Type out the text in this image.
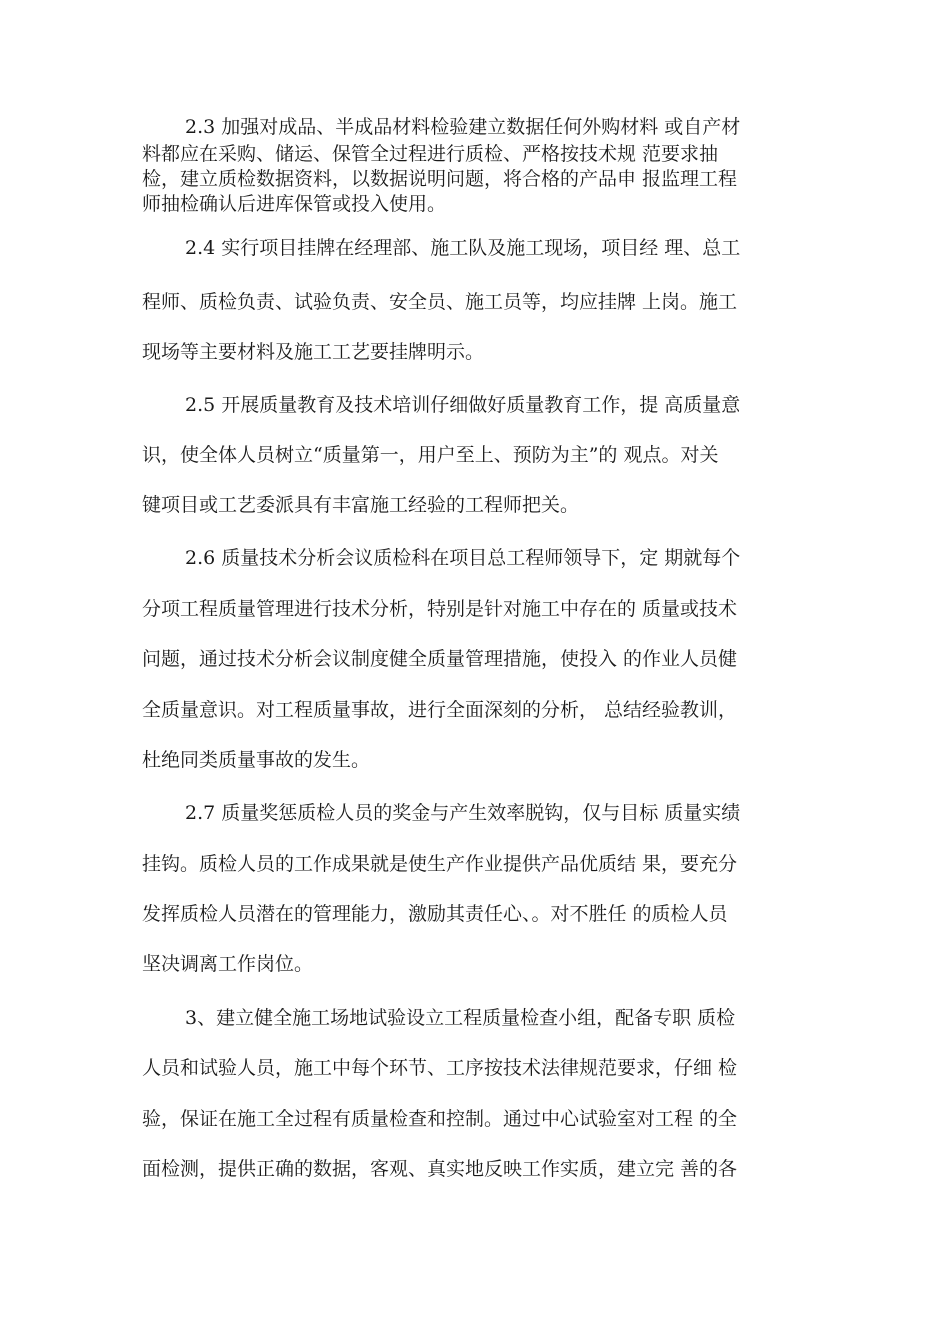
2.3 加强对成品、半成品材料检验建立数据任何外购材料 或自产材

料都应在采购、储运、保管全过程进行质检、严格按技术规 范要求抽

检，建立质检数据资料，以数据说明问题，将合格的产品申 报监理工程

师抽检确认后进库保管或投入使用。

2.4 实行项目挂牌在经理部、施工队及施工现场，项目经 理、总工

程师、质检负责、试验负责、安全员、施工员等，均应挂牌 上岗。施工

现场等主要材料及施工工艺要挂牌明示。

2.5 开展质量教育及技术培训仔细做好质量教育工作，提 高质量意

识，使全体人员树立“质量第一，用户至上、预防为主”的 观点。对关

键项目或工艺委派具有丰富施工经验的工程师把关。

2.6 质量技术分析会议质检科在项目总工程师领导下，定 期就每个

分项工程质量管理进行技术分析，特别是针对施工中存在的 质量或技术

问题，通过技术分析会议制度健全质量管理措施，使投入 的作业人员健

全质量意识。对工程质量事故，进行全面深刻的分析， 总结经验教训，

杜绝同类质量事故的发生。

2.7 质量奖惩质检人员的奖金与产生效率脱钩，仅与目标 质量实绩

挂钩。质检人员的工作成果就是使生产作业提供产品优质结 果，要充分

发挥质检人员潜在的管理能力，激励其责任心、。对不胜任 的质检人员

坚决调离工作岗位。

3、建立健全施工场地试验设立工程质量检查小组，配备专职 质检

人员和试验人员，施工中每个环节、工序按技术法律规范要求，仔细 检

验，保证在施工全过程有质量检查和控制。通过中心试验室对工程 的全

面检测，提供正确的数据，客观、真实地反映工作实质，建立完 善的各
